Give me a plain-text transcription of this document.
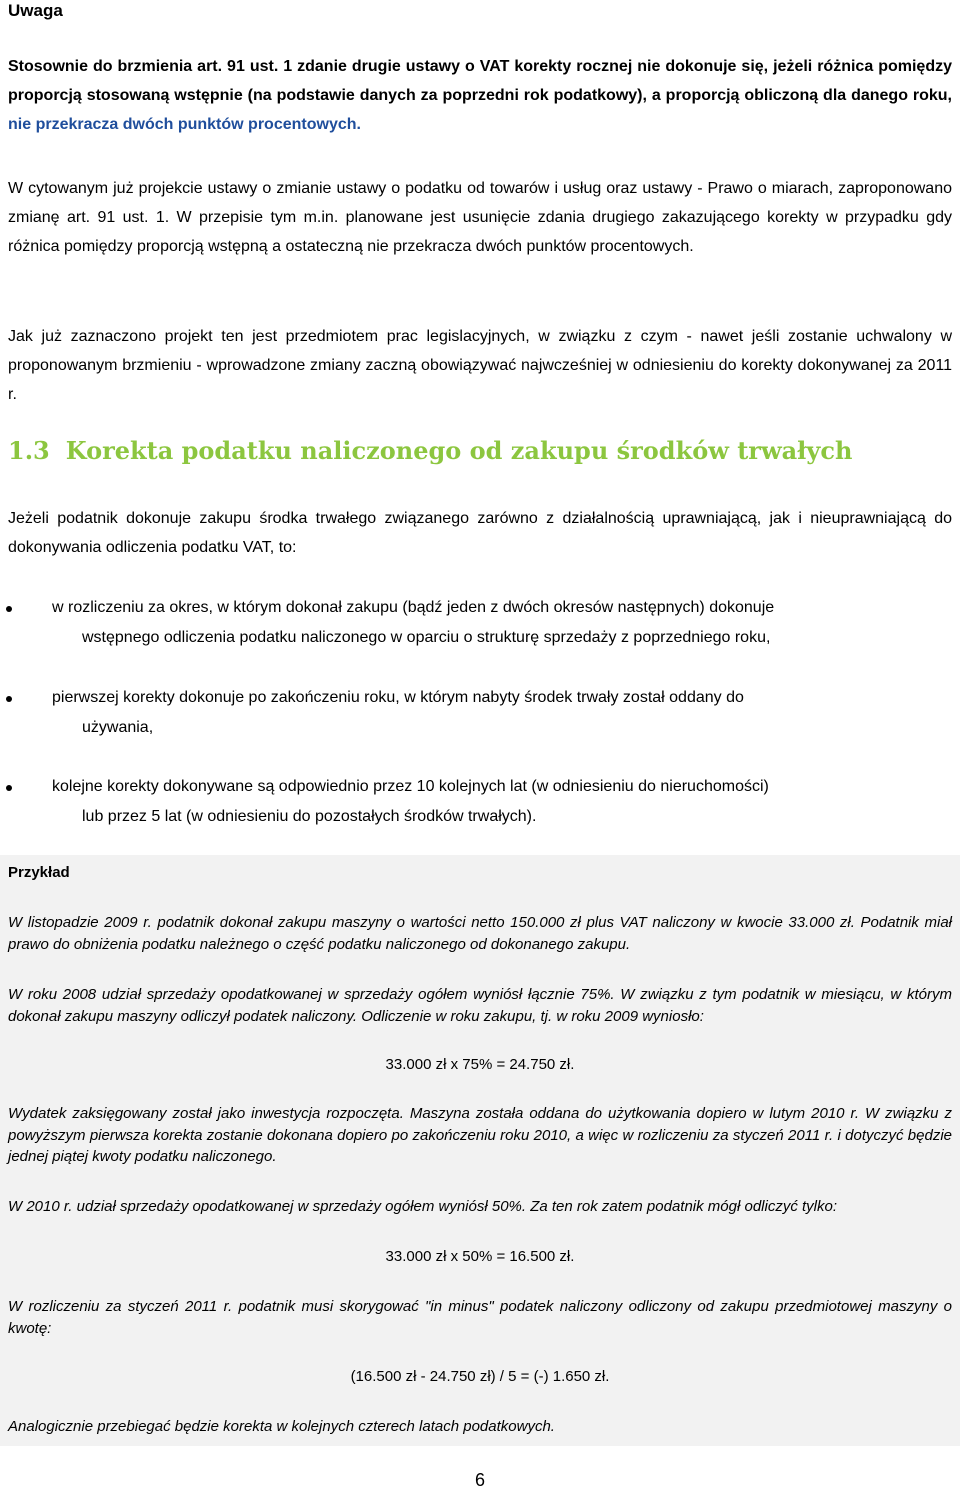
Uwaga
Stosownie do brzmienia art. 91 ust. 1 zdanie drugie ustawy o VAT korekty rocznej nie dokonuje się, jeżeli różnica pomiędzy proporcją stosowaną wstępnie (na podstawie danych za poprzedni rok podatkowy), a proporcją obliczoną dla danego roku, nie przekracza dwóch punktów procentowych.
W cytowanym już projekcie ustawy o zmianie ustawy o podatku od towarów i usług oraz ustawy - Prawo o miarach, zaproponowano zmianę art. 91 ust. 1. W przepisie tym m.in. planowane jest usunięcie zdania drugiego zakazującego korekty w przypadku gdy różnica pomiędzy proporcją wstępną a ostateczną nie przekracza dwóch punktów procentowych.
Jak już zaznaczono projekt ten jest przedmiotem prac legislacyjnych, w związku z czym - nawet jeśli zostanie uchwalony w proponowanym brzmieniu - wprowadzone zmiany zaczną obowiązywać najwcześniej w odniesieniu do korekty dokonywanej za 2011 r.
1.3 Korekta podatku naliczonego od zakupu środków trwałych
Jeżeli podatnik dokonuje zakupu środka trwałego związanego zarówno z działalnością uprawniającą, jak i nieuprawniającą do dokonywania odliczenia podatku VAT, to:
w rozliczeniu za okres, w którym dokonał zakupu (bądź jeden z dwóch okresów następnych) dokonuje
wstępnego odliczenia podatku naliczonego w oparciu o strukturę sprzedaży z poprzedniego roku,
pierwszej korekty dokonuje po zakończeniu roku, w którym nabyty środek trwały został oddany do
używania,
kolejne korekty dokonywane są odpowiednio przez 10 kolejnych lat (w odniesieniu do nieruchomości)
lub przez 5 lat (w odniesieniu do pozostałych środków trwałych).
Przykład
W listopadzie 2009 r. podatnik dokonał zakupu maszyny o wartości netto 150.000 zł plus VAT naliczony w kwocie 33.000 zł. Podatnik miał prawo do obniżenia podatku należnego o część podatku naliczonego od dokonanego zakupu.
W roku 2008 udział sprzedaży opodatkowanej w sprzedaży ogółem wyniósł łącznie 75%. W związku z tym podatnik w miesiącu, w którym dokonał zakupu maszyny odliczył podatek naliczony. Odliczenie w roku zakupu, tj. w roku 2009 wyniosło:
33.000 zł x 75% = 24.750 zł.
Wydatek zaksięgowany został jako inwestycja rozpoczęta. Maszyna została oddana do użytkowania dopiero w lutym 2010 r. W związku z powyższym pierwsza korekta zostanie dokonana dopiero po zakończeniu roku 2010, a więc w rozliczeniu za styczeń 2011 r. i dotyczyć będzie jednej piątej kwoty podatku naliczonego.
W 2010 r. udział sprzedaży opodatkowanej w sprzedaży ogółem wyniósł 50%. Za ten rok zatem podatnik mógł odliczyć tylko:
33.000 zł x 50% = 16.500 zł.
W rozliczeniu za styczeń 2011 r. podatnik musi skorygować "in minus" podatek naliczony odliczony od zakupu przedmiotowej maszyny o kwotę:
(16.500 zł - 24.750 zł) / 5 = (-) 1.650 zł.
Analogicznie przebiegać będzie korekta w kolejnych czterech latach podatkowych.
6
